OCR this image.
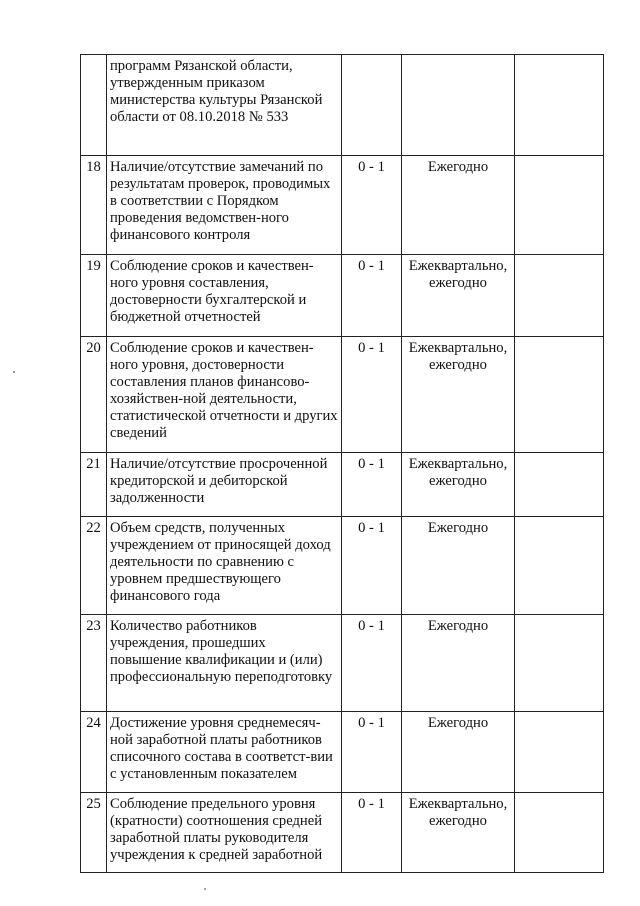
	программ Рязанской области, утвержденным приказом министерства культуры Рязанской области от 08.10.2018 № 533			
18	Наличие/отсутствие замечаний по результатам проверок, проводимых в соответствии с Порядком проведения ведомствен-ного финансового контроля	0 - 1	Ежегодно	
19	Соблюдение сроков и качествен-ного уровня составления, достоверности бухгалтерской и бюджетной отчетностей	0 - 1	Ежеквартально, ежегодно	
20	Соблюдение сроков и качествен-ного уровня, достоверности составления планов финансово-хозяйствен-ной деятельности, статистической отчетности и других сведений	0 - 1	Ежеквартально, ежегодно	
21	Наличие/отсутствие просроченной кредиторской и дебиторской задолженности	0 - 1	Ежеквартально, ежегодно	
22	Объем средств, полученных учреждением от приносящей доход деятельности по сравнению с уровнем предшествующего финансового года	0 - 1	Ежегодно	
23	Количество работников учреждения, прошедших повышение квалификации и (или) профессиональную переподготовку	0 - 1	Ежегодно	
24	Достижение уровня среднемесяч-ной заработной платы работников списочного состава в соответст-вии с установленным показателем	0 - 1	Ежегодно	
25	Соблюдение предельного уровня (кратности) соотношения средней заработной платы руководителя учреждения к средней заработной	0 - 1	Ежеквартально, ежегодно	
